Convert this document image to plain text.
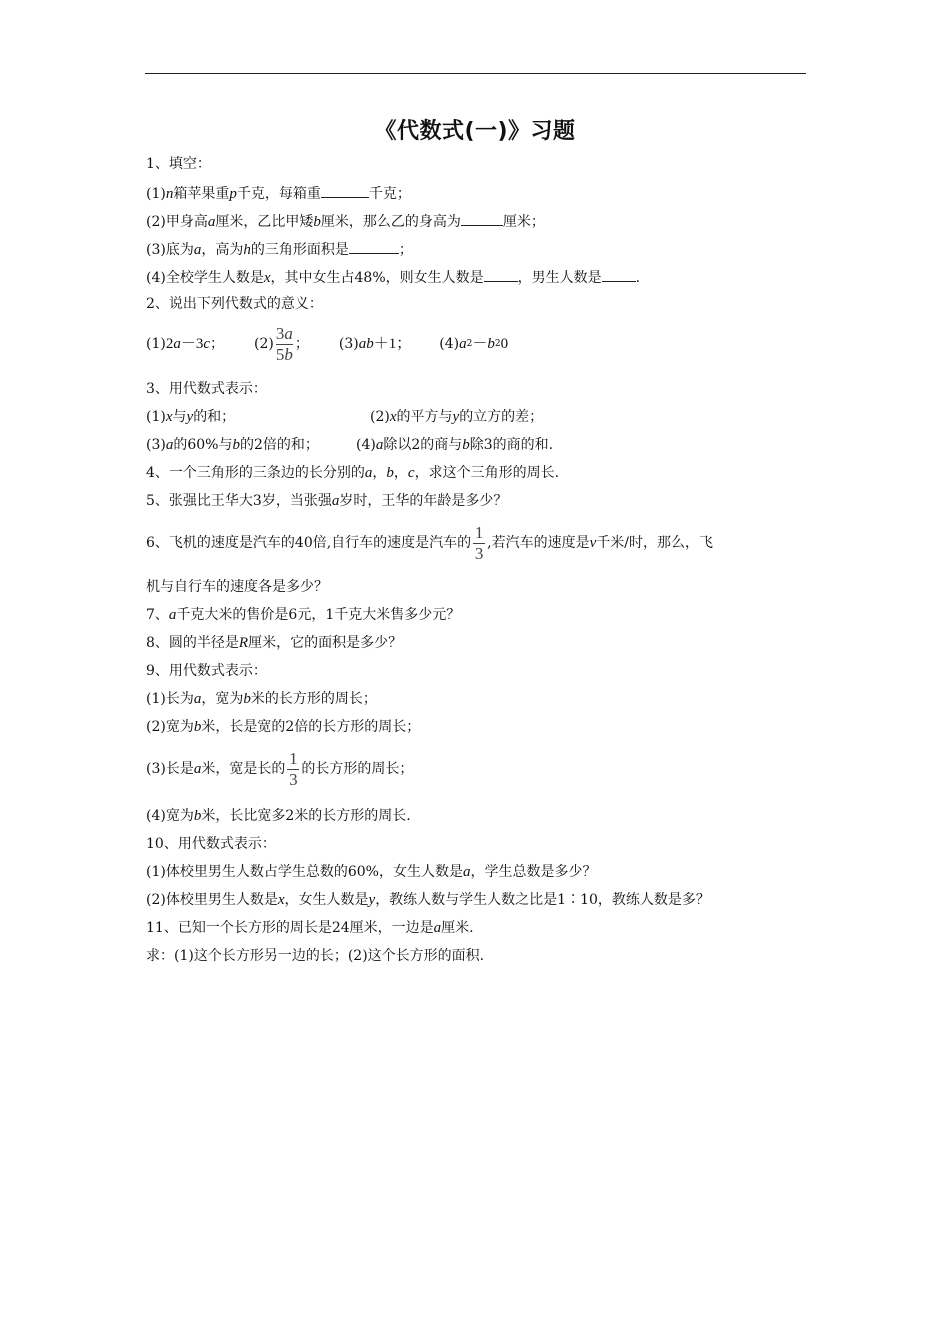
《代数式(一)》习题
1、填空：
(1)n箱苹果重p千克，每箱重	千克；
(2)甲身高a厘米，乙比甲矮b厘米，那么乙的身高为	厘米；
(3)底为a，高为h的三角形面积是	；
(4)全校学生人数是x，其中女生占48%，则女生人数是 ，男生人数是 .
2、说出下列代数式的意义：
(1) 2 a －3 c ； $(2) \frac{3a}{5b}$ ； (3) ab ＋1； (4) a 2 － b 2 0
3、用代数式表示：
(1)x与y的和；	(2)x的平方与y的立方的差；
(3)a的60%与b的2倍的和；	(4)a除以2的商与b除3的商的和.
4、一个三角形的三条边的长分别的a，b，c，求这个三角形的周长.
5、张强比王华大3岁，当张强a岁时，王华的年龄是多少？
6、飞机的速度是汽车的40倍,自行车的速度是汽车的 $\frac{1}{3}$ ,若汽车的速度是 v 千米/时，那么，飞
机与自行车的速度各是多少？
7、a千克大米的售价是6元，1千克大米售多少元？
8、圆的半径是R厘米，它的面积是多少？
9、用代数式表示：
(1)长为a，宽为b米的长方形的周长；
(2)宽为b米，长是宽的2倍的长方形的周长；
(3)长是 a 米，宽是长的 $\frac{1}{3}$ 的长方形的周长；
(4)宽为b米，长比宽多2米的长方形的周长.
10、用代数式表示：
(1)体校里男生人数占学生总数的60%，女生人数是a，学生总数是多少？
(2)体校里男生人数是x，女生人数是y，教练人数与学生人数之比是1∶10，教练人数是多？
11、已知一个长方形的周长是24厘米，一边是a厘米.
求：(1)这个长方形另一边的长；(2)这个长方形的面积.
